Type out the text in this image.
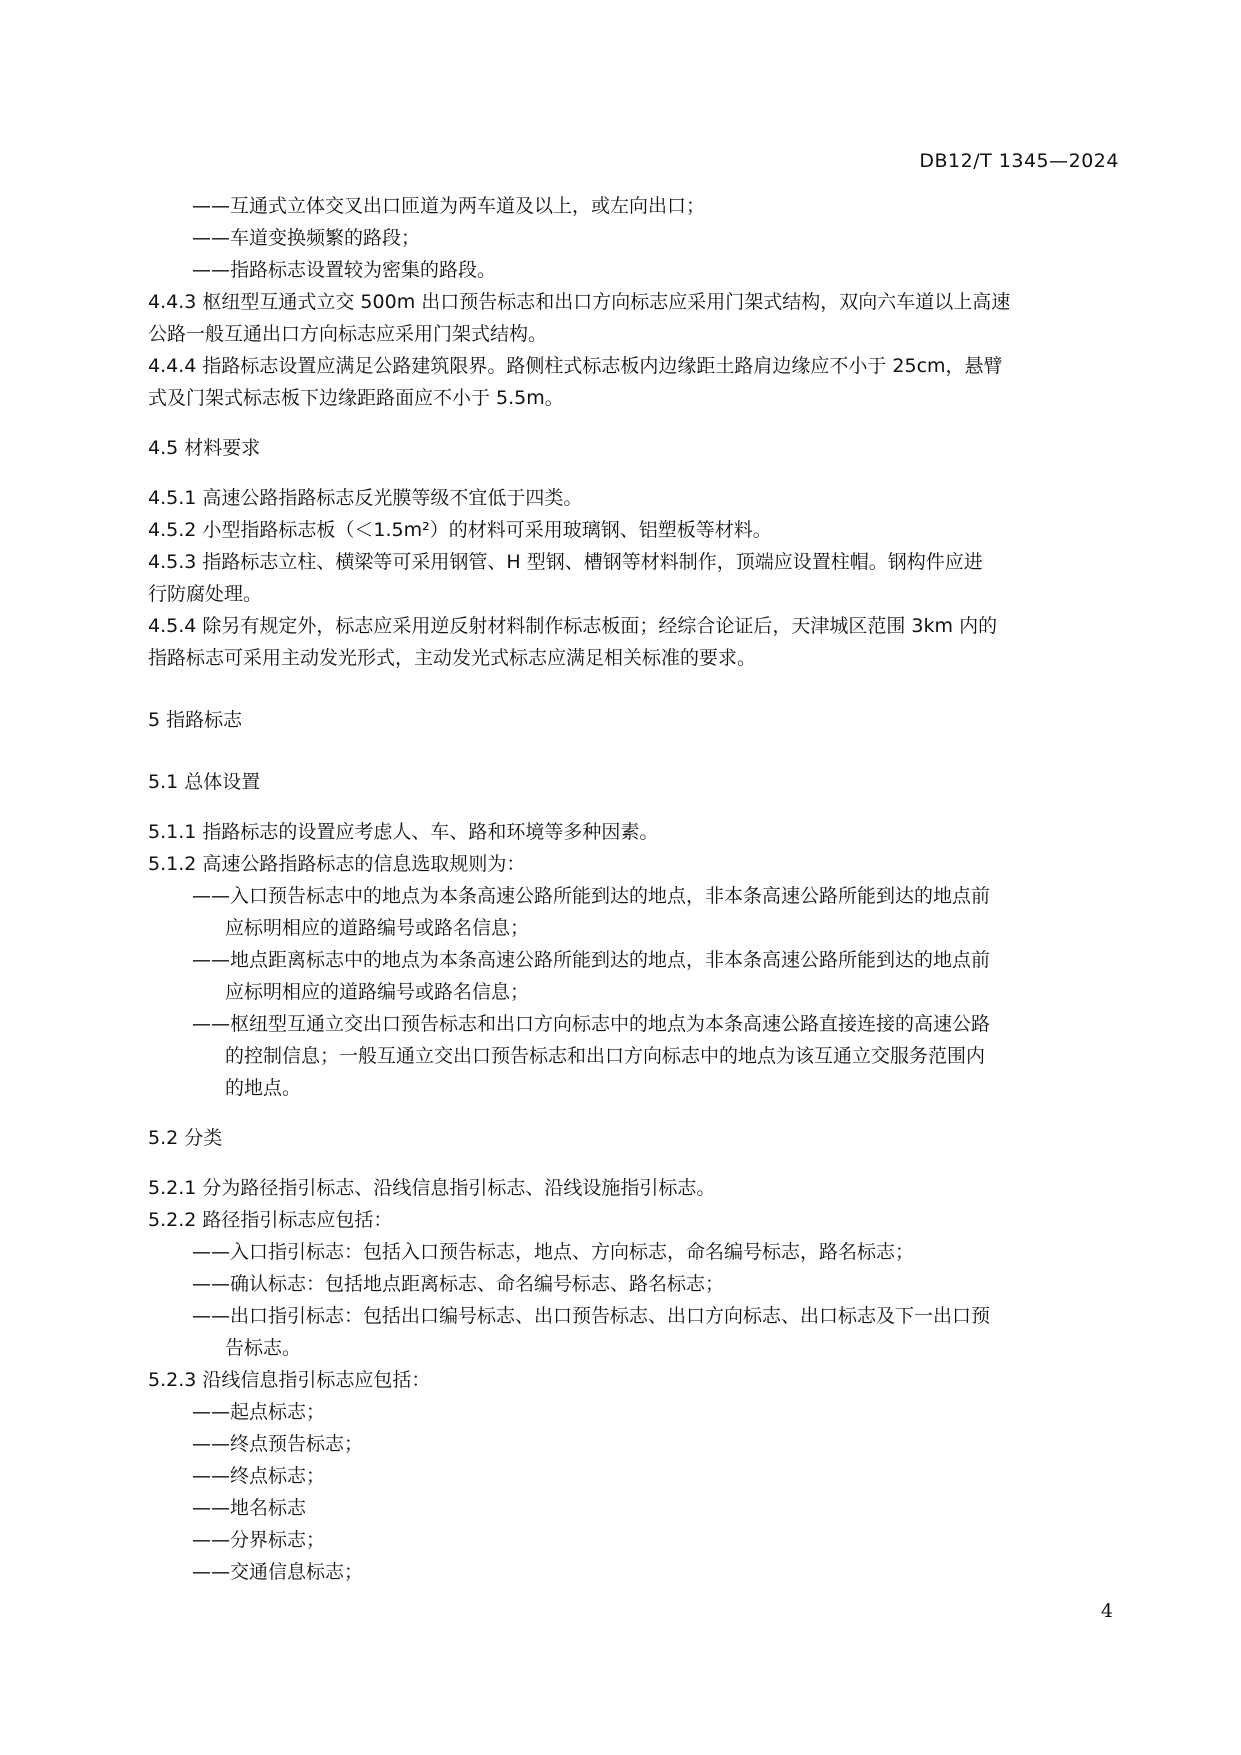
DB12/T 1345—2024
——互通式立体交叉出口匝道为两车道及以上，或左向出口；
——车道变换频繁的路段；
——指路标志设置较为密集的路段。
4.4.3 枢纽型互通式立交 500m 出口预告标志和出口方向标志应采用门架式结构，双向六车道以上高速
公路一般互通出口方向标志应采用门架式结构。
4.4.4 指路标志设置应满足公路建筑限界。路侧柱式标志板内边缘距土路肩边缘应不小于 25cm，悬臂
式及门架式标志板下边缘距路面应不小于 5.5m。
4.5 材料要求
4.5.1 高速公路指路标志反光膜等级不宜低于四类。
4.5.2 小型指路标志板（＜1.5m²）的材料可采用玻璃钢、铝塑板等材料。
4.5.3 指路标志立柱、横梁等可采用钢管、H 型钢、槽钢等材料制作，顶端应设置柱帽。钢构件应进
行防腐处理。
4.5.4 除另有规定外，标志应采用逆反射材料制作标志板面；经综合论证后，天津城区范围 3km 内的
指路标志可采用主动发光形式，主动发光式标志应满足相关标准的要求。
5 指路标志
5.1 总体设置
5.1.1 指路标志的设置应考虑人、车、路和环境等多种因素。
5.1.2 高速公路指路标志的信息选取规则为：
——入口预告标志中的地点为本条高速公路所能到达的地点，非本条高速公路所能到达的地点前
应标明相应的道路编号或路名信息；
——地点距离标志中的地点为本条高速公路所能到达的地点，非本条高速公路所能到达的地点前
应标明相应的道路编号或路名信息；
——枢纽型互通立交出口预告标志和出口方向标志中的地点为本条高速公路直接连接的高速公路
的控制信息；一般互通立交出口预告标志和出口方向标志中的地点为该互通立交服务范围内
的地点。
5.2 分类
5.2.1 分为路径指引标志、沿线信息指引标志、沿线设施指引标志。
5.2.2 路径指引标志应包括：
——入口指引标志：包括入口预告标志，地点、方向标志，命名编号标志，路名标志；
——确认标志：包括地点距离标志、命名编号标志、路名标志；
——出口指引标志：包括出口编号标志、出口预告标志、出口方向标志、出口标志及下一出口预
告标志。
5.2.3 沿线信息指引标志应包括：
——起点标志；
——终点预告标志；
——终点标志；
——地名标志
——分界标志；
——交通信息标志；
4
